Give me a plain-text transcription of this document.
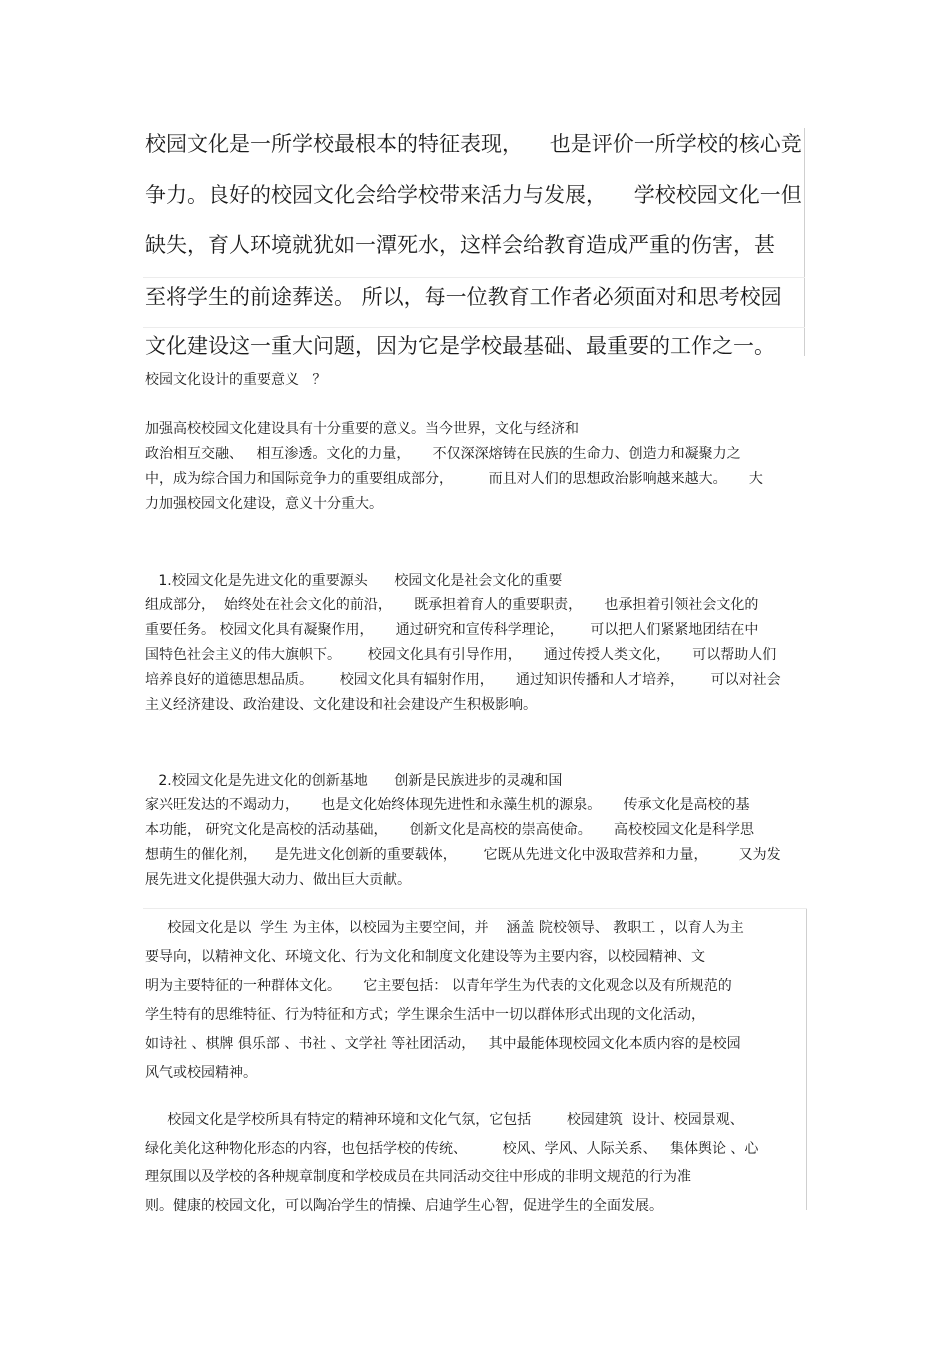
校园文化是一所学校最根本的特征表现，    也是评价一所学校的核心竞
争力。良好的校园文化会给学校带来活力与发展，    学校校园文化一但
缺失，育人环境就犹如一潭死水，这样会给教育造成严重的伤害，甚
至将学生的前途葬送。 所以，每一位教育工作者必须面对和思考校园
文化建设这一重大问题，因为它是学校最基础、最重要的工作之一。
校园文化设计的重要意义   ？
加强高校校园文化建设具有十分重要的意义。当今世界，文化与经济和
政治相互交融、   相互渗透。文化的力量，     不仅深深熔铸在民族的生命力、创造力和凝聚力之
中，成为综合国力和国际竞争力的重要组成部分，        而且对人们的思想政治影响越来越大。     大
力加强校园文化建设，意义十分重大。
1.校园文化是先进文化的重要源头      校园文化是社会文化的重要
组成部分，  始终处在社会文化的前沿，     既承担着育人的重要职责，     也承担着引领社会文化的
重要任务。 校园文化具有凝聚作用，     通过研究和宣传科学理论，      可以把人们紧紧地团结在中
国特色社会主义的伟大旗帜下。      校园文化具有引导作用，     通过传授人类文化，     可以帮助人们
培养良好的道德思想品质。      校园文化具有辐射作用，     通过知识传播和人才培养，      可以对社会
主义经济建设、政治建设、文化建设和社会建设产生积极影响。
2.校园文化是先进文化的创新基地      创新是民族进步的灵魂和国
家兴旺发达的不竭动力，     也是文化始终体现先进性和永藻生机的源泉。     传承文化是高校的基
本功能， 研究文化是高校的活动基础，     创新文化是高校的崇高使命。     高校校园文化是科学思
想萌生的催化剂，    是先进文化创新的重要载体，      它既从先进文化中汲取营养和力量，       又为发
展先进文化提供强大动力、做出巨大贡献。
校园文化是以  学生 为主体，以校园为主要空间，并    涵盖 院校领导、 教职工 ，以育人为主
要导向，以精神文化、环境文化、行为文化和制度文化建设等为主要内容，以校园精神、文
明为主要特征的一种群体文化。     它主要包括： 以青年学生为代表的文化观念以及有所规范的
学生特有的思维特征、行为特征和方式；学生课余生活中一切以群体形式出现的文化活动，
如诗社 、棋牌 俱乐部 、书社 、文学社 等社团活动，   其中最能体现校园文化本质内容的是校园
风气或校园精神。
校园文化是学校所具有特定的精神环境和文化气氛，它包括        校园建筑  设计、校园景观、
绿化美化这种物化形态的内容，也包括学校的传统、        校风、学风、人际关系、   集体舆论 、心
理氛围以及学校的各种规章制度和学校成员在共同活动交往中形成的非明文规范的行为准
则。健康的校园文化，可以陶冶学生的情操、启迪学生心智，促进学生的全面发展。
